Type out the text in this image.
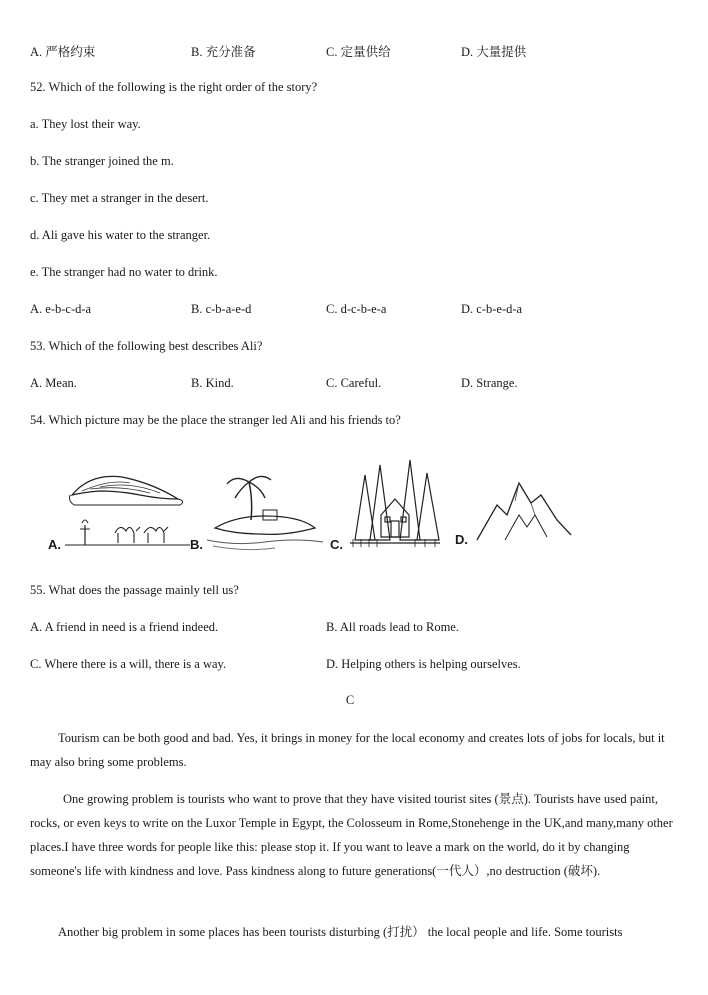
A. 严格约束	B. 充分准备	C. 定量供给	D. 大量提供
52. Which of the following is the right order of the story?
a. They lost their way.
b. The stranger joined the m.
c. They met a stranger in the desert.
d. Ali gave his water to the stranger.
e. The stranger had no water to drink.
A. e-b-c-d-a	B. c-b-a-e-d	C. d-c-b-e-a	D. c-b-e-d-a
53. Which of the following best describes Ali?
A. Mean.	B. Kind.	C. Careful.	D. Strange.
54. Which picture may be the place the stranger led Ali and his friends to?
A.	B.	C.	D.
55. What does the passage mainly tell us?
A. A friend in need is a friend indeed.	B. All roads lead to Rome.
C. Where there is a will, there is a way.	D. Helping others is helping ourselves.
C
Tourism can be both good and bad. Yes, it brings in money for the local economy and creates lots of jobs for locals, but it may also bring some problems.
One growing problem is tourists who want to prove that they have visited tourist sites (景点). Tourists have used paint, rocks, or even keys to write on the Luxor Temple in Egypt, the Colosseum in Rome,Stonehenge in the UK,and many,many other places.I have three words for people like this: please stop it. If you want to leave a mark on the world, do it by changing someone's life with kindness and love. Pass kindness along to future generations(一代人）,no destruction (破坏).
Another big problem in some places has been tourists disturbing (打扰） the local people and life. Some tourists
